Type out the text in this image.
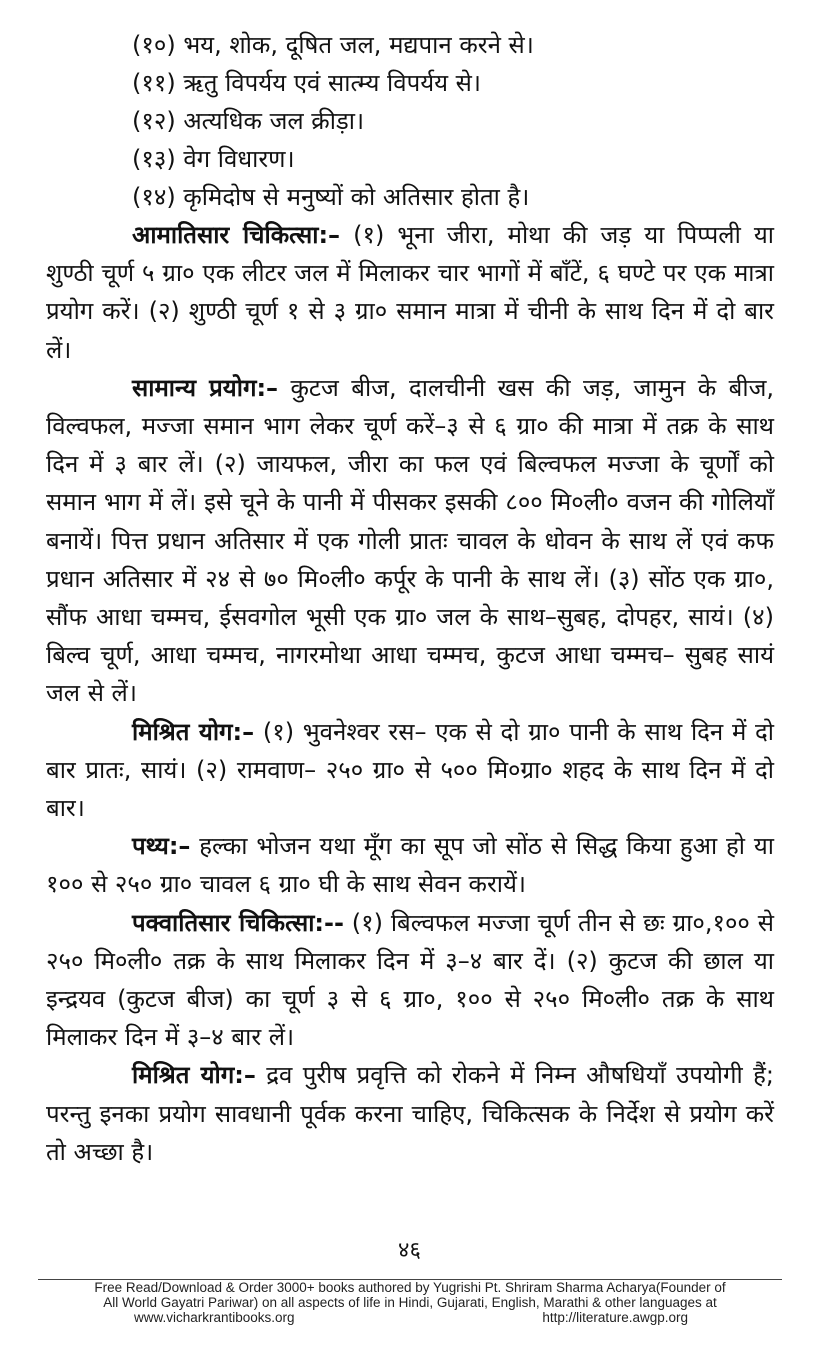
(१०) भय, शोक, दूषित जल, मद्यपान करने से।
(११) ऋतु विपर्यय एवं सात्म्य विपर्यय से।
(१२) अत्यधिक जल क्रीड़ा।
(१३) वेग विधारण।
(१४) कृमिदोष से मनुष्यों को अतिसार होता है।

आमातिसार चिकित्सा:– (१) भूना जीरा, मोथा की जड़ या पिप्पली या शुण्ठी चूर्ण ५ ग्रा० एक लीटर जल में मिलाकर चार भागों में बाँटें, ६ घण्टे पर एक मात्रा प्रयोग करें। (२) शुण्ठी चूर्ण १ से ३ ग्रा० समान मात्रा में चीनी के साथ दिन में दो बार लें।

सामान्य प्रयोग:– कुटज बीज, दालचीनी खस की जड़, जामुन के बीज, विल्वफल, मज्जा समान भाग लेकर चूर्ण करें–३ से ६ ग्रा० की मात्रा में तक्र के साथ दिन में ३ बार लें। (२) जायफल, जीरा का फल एवं बिल्वफल मज्जा के चूर्णों को समान भाग में लें। इसे चूने के पानी में पीसकर इसकी ८०० मि०ली० वजन की गोलियाँ बनायें। पित्त प्रधान अतिसार में एक गोली प्रातः चावल के धोवन के साथ लें एवं कफ प्रधान अतिसार में २४ से ७० मि०ली० कर्पूर के पानी के साथ लें। (३) सोंठ एक ग्रा०, सौंफ आधा चम्मच, ईसवगोल भूसी एक ग्रा० जल के साथ–सुबह, दोपहर, सायं। (४) बिल्व चूर्ण, आधा चम्मच, नागरमोथा आधा चम्मच, कुटज आधा चम्मच– सुबह सायं जल से लें।

मिश्रित योग:– (१) भुवनेश्वर रस– एक से दो ग्रा० पानी के साथ दिन में दो बार प्रातः, सायं। (२) रामवाण– २५० ग्रा० से ५०० मि०ग्रा० शहद के साथ दिन में दो बार।

पथ्य:– हल्का भोजन यथा मूँग का सूप जो सोंठ से सिद्ध किया हुआ हो या १०० से २५० ग्रा० चावल ६ ग्रा० घी के साथ सेवन करायें।

पक्वातिसार चिकित्सा:-- (१) बिल्वफल मज्जा चूर्ण तीन से छः ग्रा०,१०० से २५० मि०ली० तक्र के साथ मिलाकर दिन में ३–४ बार दें। (२) कुटज की छाल या इन्द्रयव (कुटज बीज) का चूर्ण ३ से ६ ग्रा०, १०० से २५० मि०ली० तक्र के साथ मिलाकर दिन में ३–४ बार लें।

मिश्रित योग:– द्रव पुरीष प्रवृत्ति को रोकने में निम्न औषधियाँ उपयोगी हैं; परन्तु इनका प्रयोग सावधानी पूर्वक करना चाहिए, चिकित्सक के निर्देश से प्रयोग करें तो अच्छा है।

४६
Free Read/Download & Order 3000+ books authored by Yugrishi Pt. Shriram Sharma Acharya(Founder of
All World Gayatri Pariwar) on all aspects of life in Hindi, Gujarati, English, Marathi & other languages at
www.vicharkrantibooks.org	http://literature.awgp.org
